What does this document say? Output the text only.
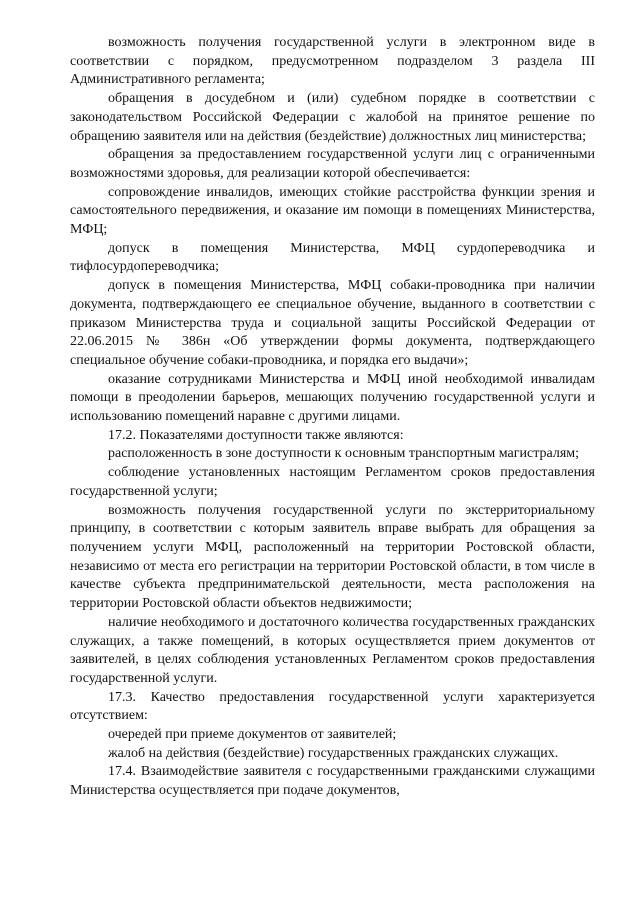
возможность получения государственной услуги в электронном виде в соответствии с порядком, предусмотренном подразделом 3 раздела III Административного регламента;

обращения в досудебном и (или) судебном порядке в соответствии с законодательством Российской Федерации с жалобой на принятое решение по обращению заявителя или на действия (бездействие) должностных лиц министерства;

обращения за предоставлением государственной услуги лиц с ограниченными возможностями здоровья, для реализации которой обеспечивается:

сопровождение инвалидов, имеющих стойкие расстройства функции зрения и самостоятельного передвижения, и оказание им помощи в помещениях Министерства, МФЦ;

допуск в помещения Министерства, МФЦ сурдопереводчика и тифлосурдопереводчика;

допуск в помещения Министерства, МФЦ собаки-проводника при наличии документа, подтверждающего ее специальное обучение, выданного в соответствии с приказом Министерства труда и социальной защиты Российской Федерации от 22.06.2015 № 386н «Об утверждении формы документа, подтверждающего специальное обучение собаки-проводника, и порядка его выдачи»;

оказание сотрудниками Министерства и МФЦ иной необходимой инвалидам помощи в преодолении барьеров, мешающих получению государственной услуги и использованию помещений наравне с другими лицами.

17.2. Показателями доступности также являются:

расположенность в зоне доступности к основным транспортным магистралям;

соблюдение установленных настоящим Регламентом сроков предоставления государственной услуги;

возможность получения государственной услуги по экстерриториальному принципу, в соответствии с которым заявитель вправе выбрать для обращения за получением услуги МФЦ, расположенный на территории Ростовской области, независимо от места его регистрации на территории Ростовской области, в том числе в качестве субъекта предпринимательской деятельности, места расположения на территории Ростовской области объектов недвижимости;

наличие необходимого и достаточного количества государственных гражданских служащих, а также помещений, в которых осуществляется прием документов от заявителей, в целях соблюдения установленных Регламентом сроков предоставления государственной услуги.

17.3. Качество предоставления государственной услуги характеризуется отсутствием:

очередей при приеме документов от заявителей;

жалоб на действия (бездействие) государственных гражданских служащих.

17.4. Взаимодействие заявителя с государственными гражданскими служащими Министерства осуществляется при подаче документов,
